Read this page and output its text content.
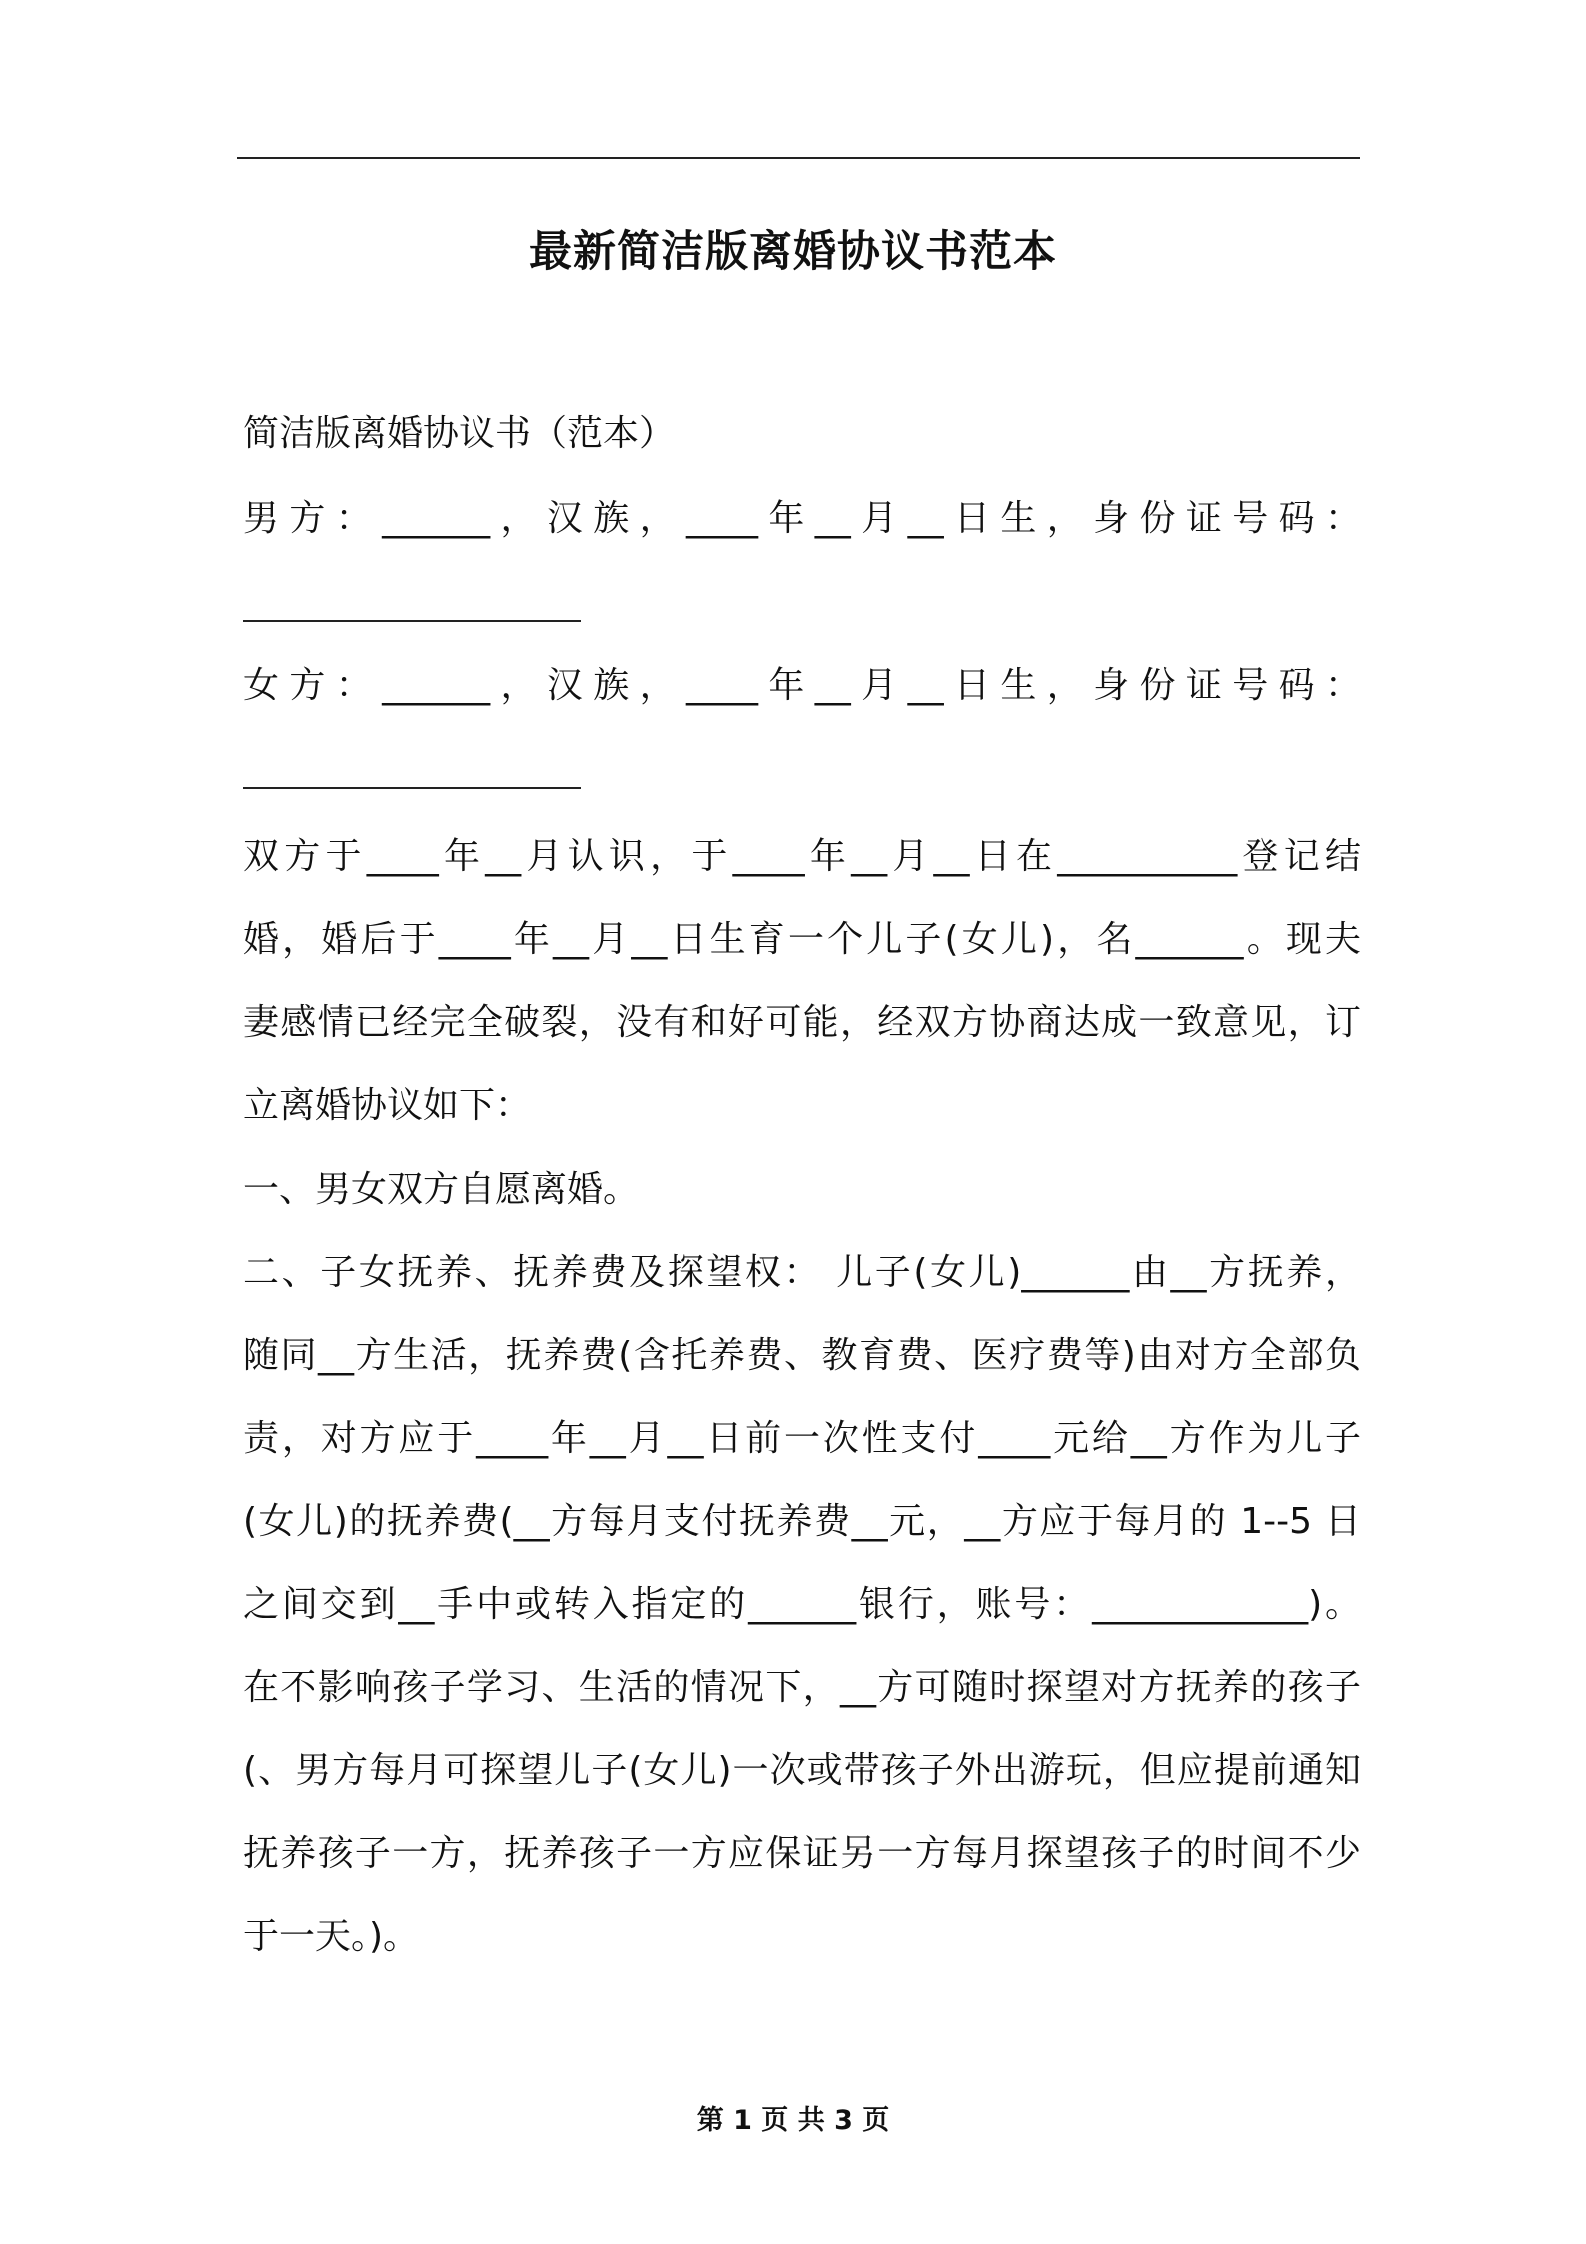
最新简洁版离婚协议书范本
简洁版离婚协议书（范本）
男方：______，汉族，____年__月__日生，身份证号码：
女方：______，汉族，____年__月__日生，身份证号码：
双方于____年__月认识，于____年__月__日在__________登记结
婚，婚后于____年__月__日生育一个儿子(女儿)，名______。现夫
妻感情已经完全破裂，没有和好可能，经双方协商达成一致意见，订
立离婚协议如下：
一、男女双方自愿离婚。
二、子女抚养、抚养费及探望权： 儿子(女儿)______由__方抚养，
随同__方生活，抚养费(含托养费、教育费、医疗费等)由对方全部负
责，对方应于____年__月__日前一次性支付____元给__方作为儿子
(女儿)的抚养费(__方每月支付抚养费__元，__方应于每月的 1--5 日
之间交到__手中或转入指定的______银行，账号：____________)。
在不影响孩子学习、生活的情况下，__方可随时探望对方抚养的孩子
(、男方每月可探望儿子(女儿)一次或带孩子外出游玩，但应提前通知
抚养孩子一方，抚养孩子一方应保证另一方每月探望孩子的时间不少
于一天。)。
第 1 页 共 3 页
